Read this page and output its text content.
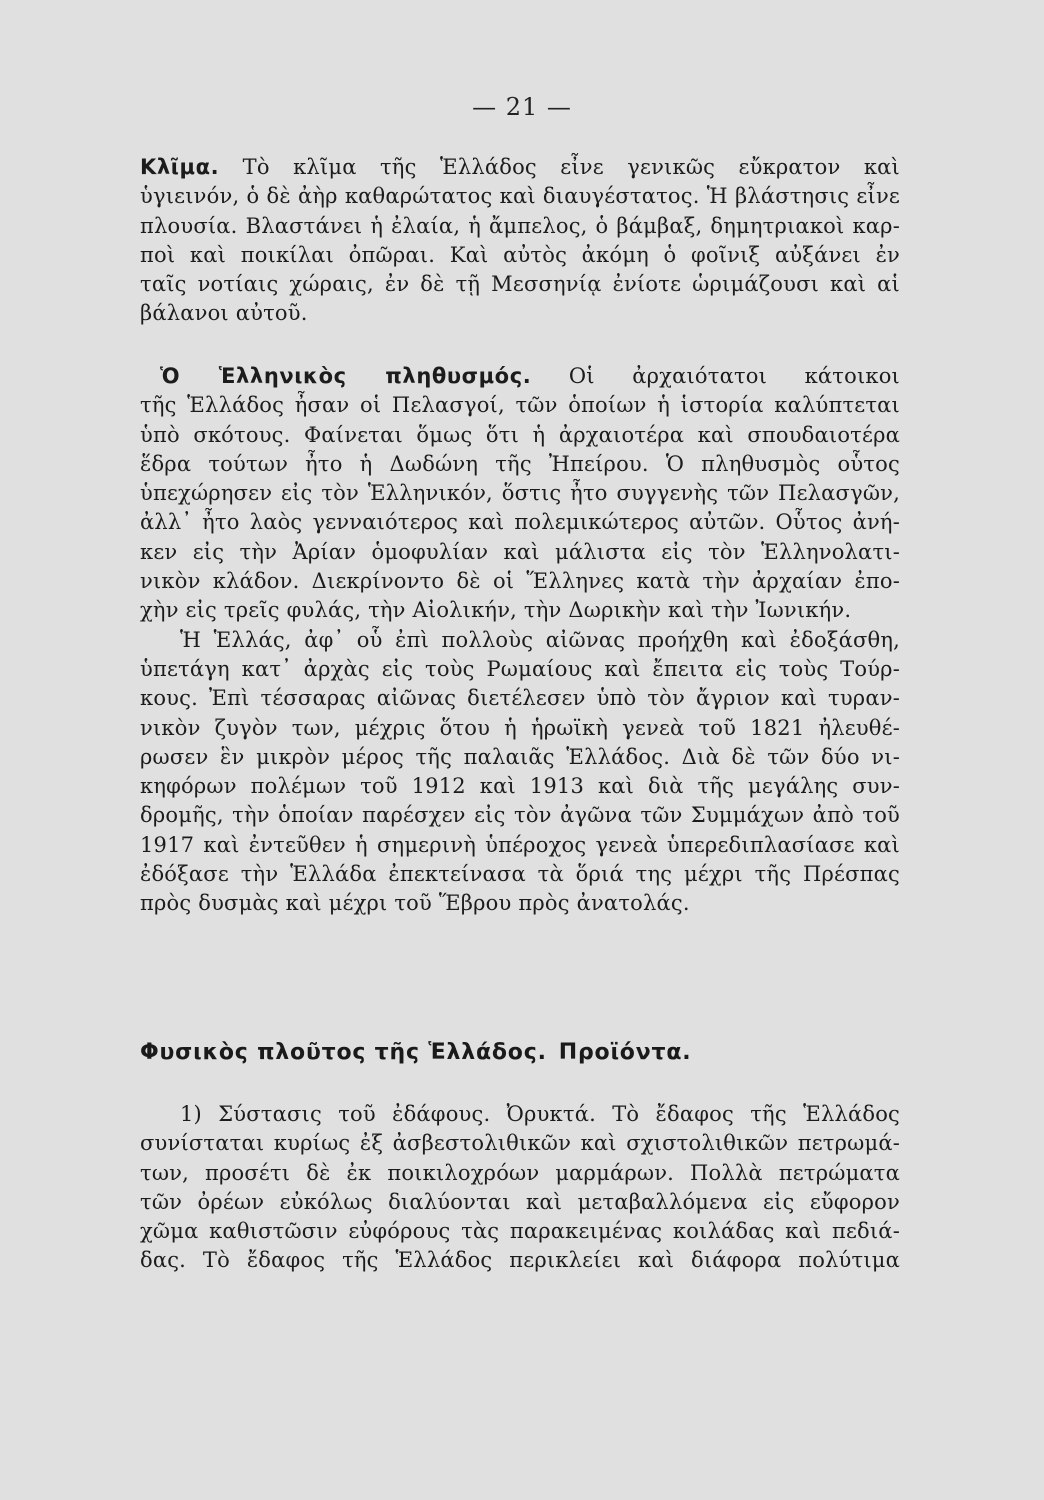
— 21 —
Κλῖμα. Τὸ κλῖμα τῆς Ἑλλάδος εἶνε γενικῶς εὔκρατον καὶ
ὑγιεινόν, ὁ δὲ ἀὴρ καθαρώτατος καὶ διαυγέστατος. Ἡ βλάστησις εἶνε
πλουσία. Βλαστάνει ἡ ἐλαία, ἡ ἄμπελος, ὁ βάμβαξ, δημητριακοὶ καρ-
ποὶ καὶ ποικίλαι ὀπῶραι. Καὶ αὐτὸς ἀκόμη ὁ φοῖνιξ αὐξάνει ἐν
ταῖς νοτίαις χώραις, ἐν δὲ τῇ Μεσσηνίᾳ ἐνίοτε ὡριμάζουσι καὶ αἱ
βάλανοι αὐτοῦ.
Ὁ Ἑλληνικὸς πληθυσμός. Οἱ ἀρχαιότατοι κάτοικοι
τῆς Ἑλλάδος ἦσαν οἱ Πελασγοί, τῶν ὁποίων ἡ ἱστορία καλύπτεται
ὑπὸ σκότους. Φαίνεται ὅμως ὅτι ἡ ἀρχαιοτέρα καὶ σπουδαιοτέρα
ἕδρα τούτων ἦτο ἡ Δωδώνη τῆς Ἠπείρου. Ὁ πληθυσμὸς οὗτος
ὑπεχώρησεν εἰς τὸν Ἑλληνικόν, ὅστις ἦτο συγγενὴς τῶν Πελασγῶν,
ἀλλ᾽ ἦτο λαὸς γενναιότερος καὶ πολεμικώτερος αὐτῶν. Οὗτος ἀνή-
κεν εἰς τὴν Ἀρίαν ὁμοφυλίαν καὶ μάλιστα εἰς τὸν Ἑλληνολατι-
νικὸν κλάδον. Διεκρίνοντο δὲ οἱ Ἕλληνες κατὰ τὴν ἀρχαίαν ἐπο-
χὴν εἰς τρεῖς φυλάς, τὴν Αἰολικήν, τὴν Δωρικὴν καὶ τὴν Ἰωνικήν.
Ἡ Ἑλλάς, ἀφ᾽ οὗ ἐπὶ πολλοὺς αἰῶνας προήχθη καὶ ἐδοξάσθη,
ὑπετάγη κατ᾽ ἀρχὰς εἰς τοὺς Ρωμαίους καὶ ἔπειτα εἰς τοὺς Τούρ-
κους. Ἐπὶ τέσσαρας αἰῶνας διετέλεσεν ὑπὸ τὸν ἄγριον καὶ τυραν-
νικὸν ζυγὸν των, μέχρις ὅτου ἡ ἡρωϊκὴ γενεὰ τοῦ 1821 ἠλευθέ-
ρωσεν ἓν μικρὸν μέρος τῆς παλαιᾶς Ἑλλάδος. Διὰ δὲ τῶν δύο νι-
κηφόρων πολέμων τοῦ 1912 καὶ 1913 καὶ διὰ τῆς μεγάλης συν-
δρομῆς, τὴν ὁποίαν παρέσχεν εἰς τὸν ἀγῶνα τῶν Συμμάχων ἀπὸ τοῦ
1917 καὶ ἐντεῦθεν ἡ σημερινὴ ὑπέροχος γενεὰ ὑπερεδιπλασίασε καὶ
ἐδόξασε τὴν Ἑλλάδα ἐπεκτείνασα τὰ ὅριά της μέχρι τῆς Πρέσπας
πρὸς δυσμὰς καὶ μέχρι τοῦ Ἕβρου πρὸς ἀνατολάς.
Φυσικὸς πλοῦτος τῆς Ἑλλάδος. Προϊόντα.
1) Σύστασις τοῦ ἐδάφους. Ὀρυκτά. Τὸ ἔδαφος τῆς Ἑλλάδος
συνίσταται κυρίως ἐξ ἀσβεστολιθικῶν καὶ σχιστολιθικῶν πετρωμά-
των, προσέτι δὲ ἐκ ποικιλοχρόων μαρμάρων. Πολλὰ πετρώματα
τῶν ὀρέων εὐκόλως διαλύονται καὶ μεταβαλλόμενα εἰς εὔφορον
χῶμα καθιστῶσιν εὐφόρους τὰς παρακειμένας κοιλάδας καὶ πεδιά-
δας. Τὸ ἔδαφος τῆς Ἑλλάδος περικλείει καὶ διάφορα πολύτιμα
